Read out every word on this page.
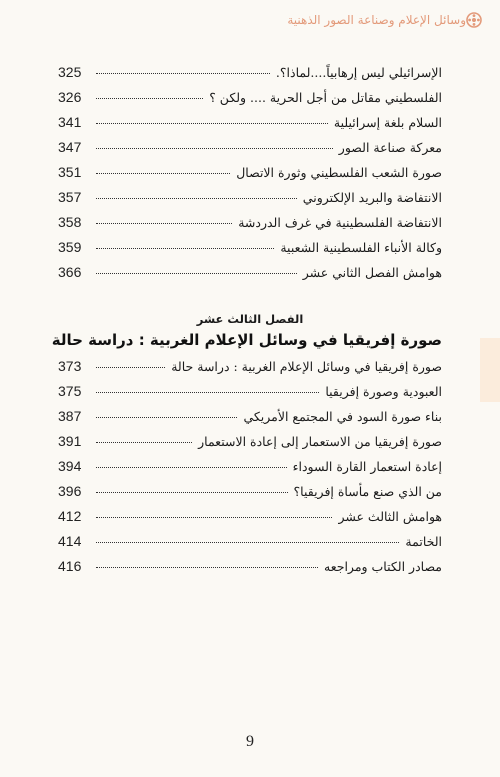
وسائل الإعلام وصناعة الصور الذهنية
الإسرائيلي ليس إرهابياً....لماذا؟.
325
الفلسطيني مقاتل من أجل الحرية .... ولكن ؟
326
السلام بلغة إسرائيلية
341
معركة صناعة الصور
347
صورة الشعب الفلسطيني وثورة الاتصال
351
الانتفاضة والبريد الإلكتروني
357
الانتفاضة الفلسطينية في غرف الدردشة
358
وكالة الأنباء الفلسطينية الشعبية
359
هوامش الفصل الثاني عشر
366
الفصل الثالث عشر
صورة إفريقيا في وسائل الإعلام الغربية : دراسة حالة
صورة إفريقيا في وسائل الإعلام الغربية : دراسة حالة
373
العبودية وصورة إفريقيا
375
بناء صورة السود في المجتمع الأمريكي
387
صورة إفريقيا من الاستعمار إلى إعادة الاستعمار
391
إعادة استعمار القارة السوداء
394
من الذي صنع مأساة إفريقيا؟
396
هوامش الثالث عشر
412
الخاتمة
414
مصادر الكتاب ومراجعه
416
9
